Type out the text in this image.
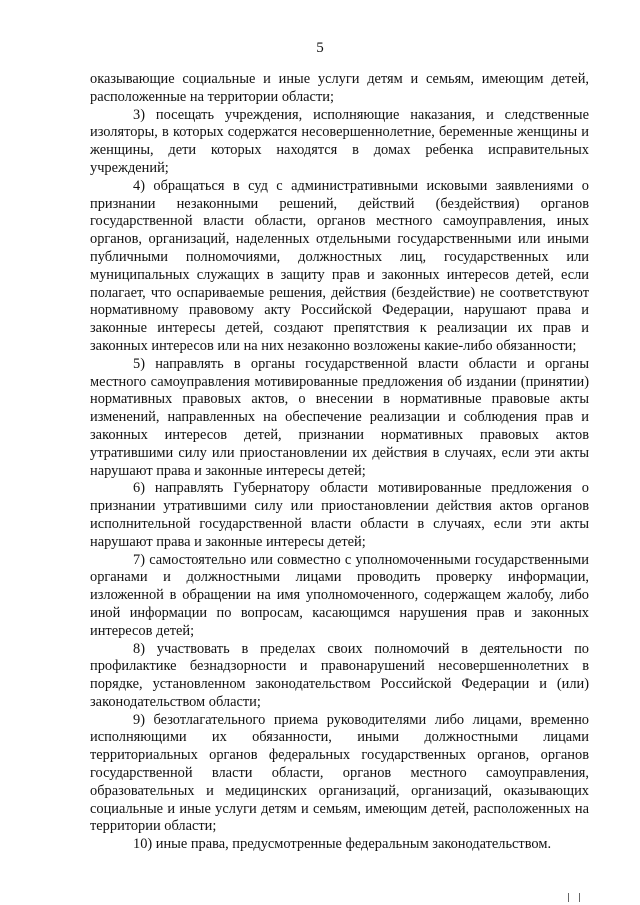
5

оказывающие социальные и иные услуги детям и семьям, имеющим детей, расположенные на территории области;

3) посещать учреждения, исполняющие наказания, и следственные изоляторы, в которых содержатся несовершеннолетние, беременные женщины и женщины, дети которых находятся в домах ребенка исправительных учреждений;

4) обращаться в суд с административными исковыми заявлениями о признании незаконными решений, действий (бездействия) органов государственной власти области, органов местного самоуправления, иных органов, организаций, наделенных отдельными государственными или иными публичными полномочиями, должностных лиц, государственных или муниципальных служащих в защиту прав и законных интересов детей, если полагает, что оспариваемые решения, действия (бездействие) не соответствуют нормативному правовому акту Российской Федерации, нарушают права и законные интересы детей, создают препятствия к реализации их прав и законных интересов или на них незаконно возложены какие-либо обязанности;

5) направлять в органы государственной власти области и органы местного самоуправления мотивированные предложения об издании (принятии) нормативных правовых актов, о внесении в нормативные правовые акты изменений, направленных на обеспечение реализации и соблюдения прав и законных интересов детей, признании нормативных правовых актов утратившими силу или приостановлении их действия в случаях, если эти акты нарушают права и законные интересы детей;

6) направлять Губернатору области мотивированные предложения о признании утратившими силу или приостановлении действия актов органов исполнительной государственной власти области в случаях, если эти акты нарушают права и законные интересы детей;

7) самостоятельно или совместно с уполномоченными государственными органами и должностными лицами проводить проверку информации, изложенной в обращении на имя уполномоченного, содержащем жалобу, либо иной информации по вопросам, касающимся нарушения прав и законных интересов детей;

8) участвовать в пределах своих полномочий в деятельности по профилактике безнадзорности и правонарушений несовершеннолетних в порядке, установленном законодательством Российской Федерации и (или) законодательством области;

9) безотлагательного приема руководителями либо лицами, временно исполняющими их обязанности, иными должностными лицами территориальных органов федеральных государственных органов, органов государственной власти области, органов местного самоуправления, образовательных и медицинских организаций, организаций, оказывающих социальные и иные услуги детям и семьям, имеющим детей, расположенных на территории области;

10) иные права, предусмотренные федеральным законодательством.
